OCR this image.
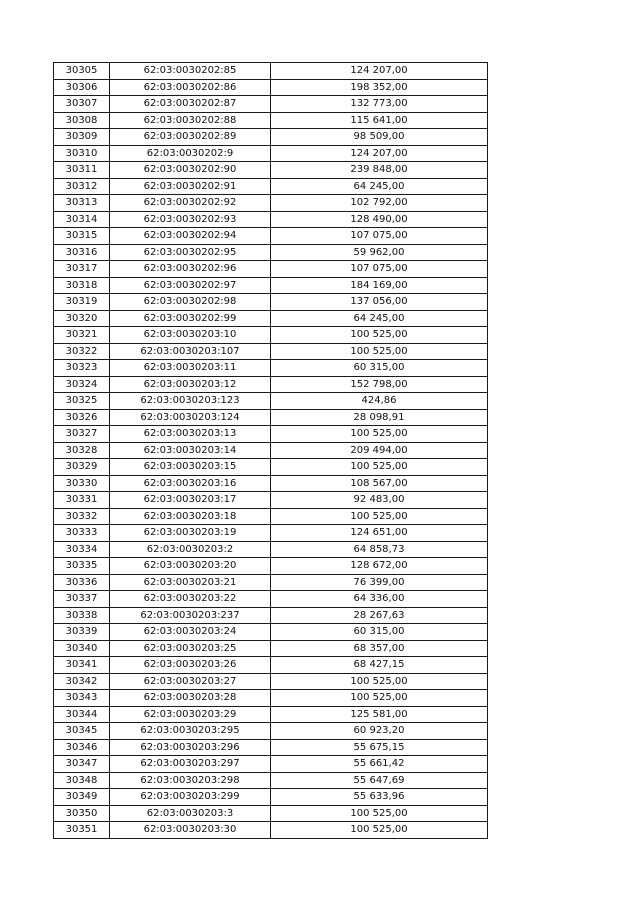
30305	62:03:0030202:85	124 207,00
30306	62:03:0030202:86	198 352,00
30307	62:03:0030202:87	132 773,00
30308	62:03:0030202:88	115 641,00
30309	62:03:0030202:89	98 509,00
30310	62:03:0030202:9	124 207,00
30311	62:03:0030202:90	239 848,00
30312	62:03:0030202:91	64 245,00
30313	62:03:0030202:92	102 792,00
30314	62:03:0030202:93	128 490,00
30315	62:03:0030202:94	107 075,00
30316	62:03:0030202:95	59 962,00
30317	62:03:0030202:96	107 075,00
30318	62:03:0030202:97	184 169,00
30319	62:03:0030202:98	137 056,00
30320	62:03:0030202:99	64 245,00
30321	62:03:0030203:10	100 525,00
30322	62:03:0030203:107	100 525,00
30323	62:03:0030203:11	60 315,00
30324	62:03:0030203:12	152 798,00
30325	62:03:0030203:123	424,86
30326	62:03:0030203:124	28 098,91
30327	62:03:0030203:13	100 525,00
30328	62:03:0030203:14	209 494,00
30329	62:03:0030203:15	100 525,00
30330	62:03:0030203:16	108 567,00
30331	62:03:0030203:17	92 483,00
30332	62:03:0030203:18	100 525,00
30333	62:03:0030203:19	124 651,00
30334	62:03:0030203:2	64 858,73
30335	62:03:0030203:20	128 672,00
30336	62:03:0030203:21	76 399,00
30337	62:03:0030203:22	64 336,00
30338	62:03:0030203:237	28 267,63
30339	62:03:0030203:24	60 315,00
30340	62:03:0030203:25	68 357,00
30341	62:03:0030203:26	68 427,15
30342	62:03:0030203:27	100 525,00
30343	62:03:0030203:28	100 525,00
30344	62:03:0030203:29	125 581,00
30345	62:03:0030203:295	60 923,20
30346	62:03:0030203:296	55 675,15
30347	62:03:0030203:297	55 661,42
30348	62:03:0030203:298	55 647,69
30349	62:03:0030203:299	55 633,96
30350	62:03:0030203:3	100 525,00
30351	62:03:0030203:30	100 525,00
